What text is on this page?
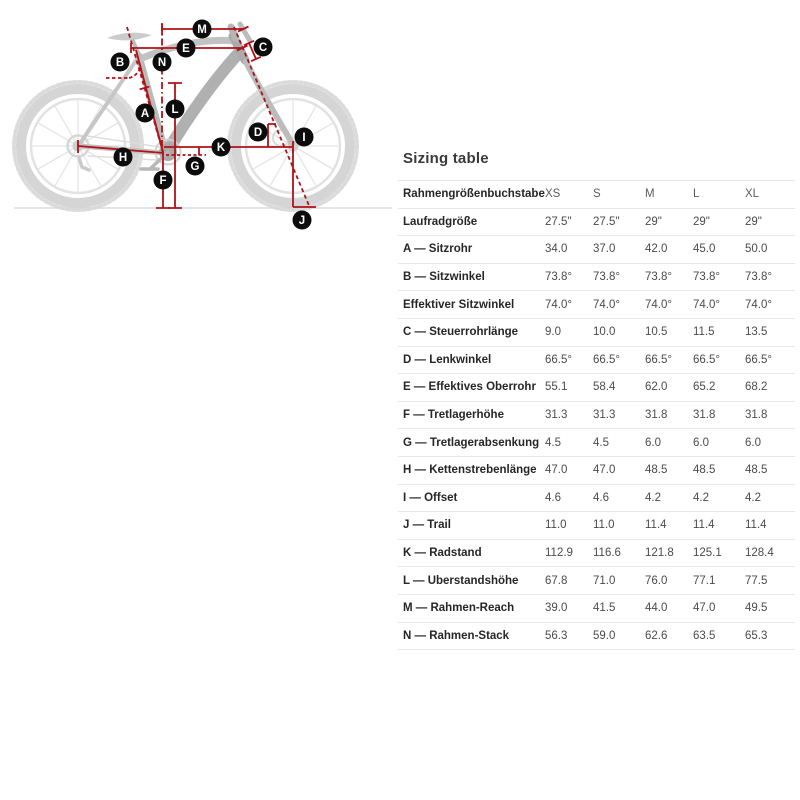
A
B
C
D
E
F
G
H
I
J
K
L
M
N
Sizing table
Rahmengrößenbuchstabe XS	S	M	L	XL
Laufradgröße	27.5"	27.5"	29"	29"	29"
A — Sitzrohr	34.0	37.0	42.0	45.0	50.0
B — Sitzwinkel	73.8°	73.8°	73.8°	73.8°	73.8°
Effektiver Sitzwinkel	74.0°	74.0°	74.0°	74.0°	74.0°
C — Steuerrohrlänge	9.0	10.0	10.5	11.5	13.5
D — Lenkwinkel	66.5°	66.5°	66.5°	66.5°	66.5°
E — Effektives Oberrohr 55.1	58.4	62.0	65.2	68.2
F — Tretlagerhöhe	31.3	31.3	31.8	31.8	31.8
G — Tretlagerabsenkung 4.5	4.5	6.0	6.0	6.0
H — Kettenstrebenlänge 47.0	47.0	48.5	48.5	48.5
I — Offset	4.6	4.6	4.2	4.2	4.2
J — Trail	11.0	11.0	11.4	11.4	11.4
K — Radstand	112.9	116.6	121.8	125.1	128.4
L — Überstandshöhe	67.8	71.0	76.0	77.1	77.5
M — Rahmen-Reach	39.0	41.5	44.0	47.0	49.5
N — Rahmen-Stack	56.3	59.0	62.6	63.5	65.3
